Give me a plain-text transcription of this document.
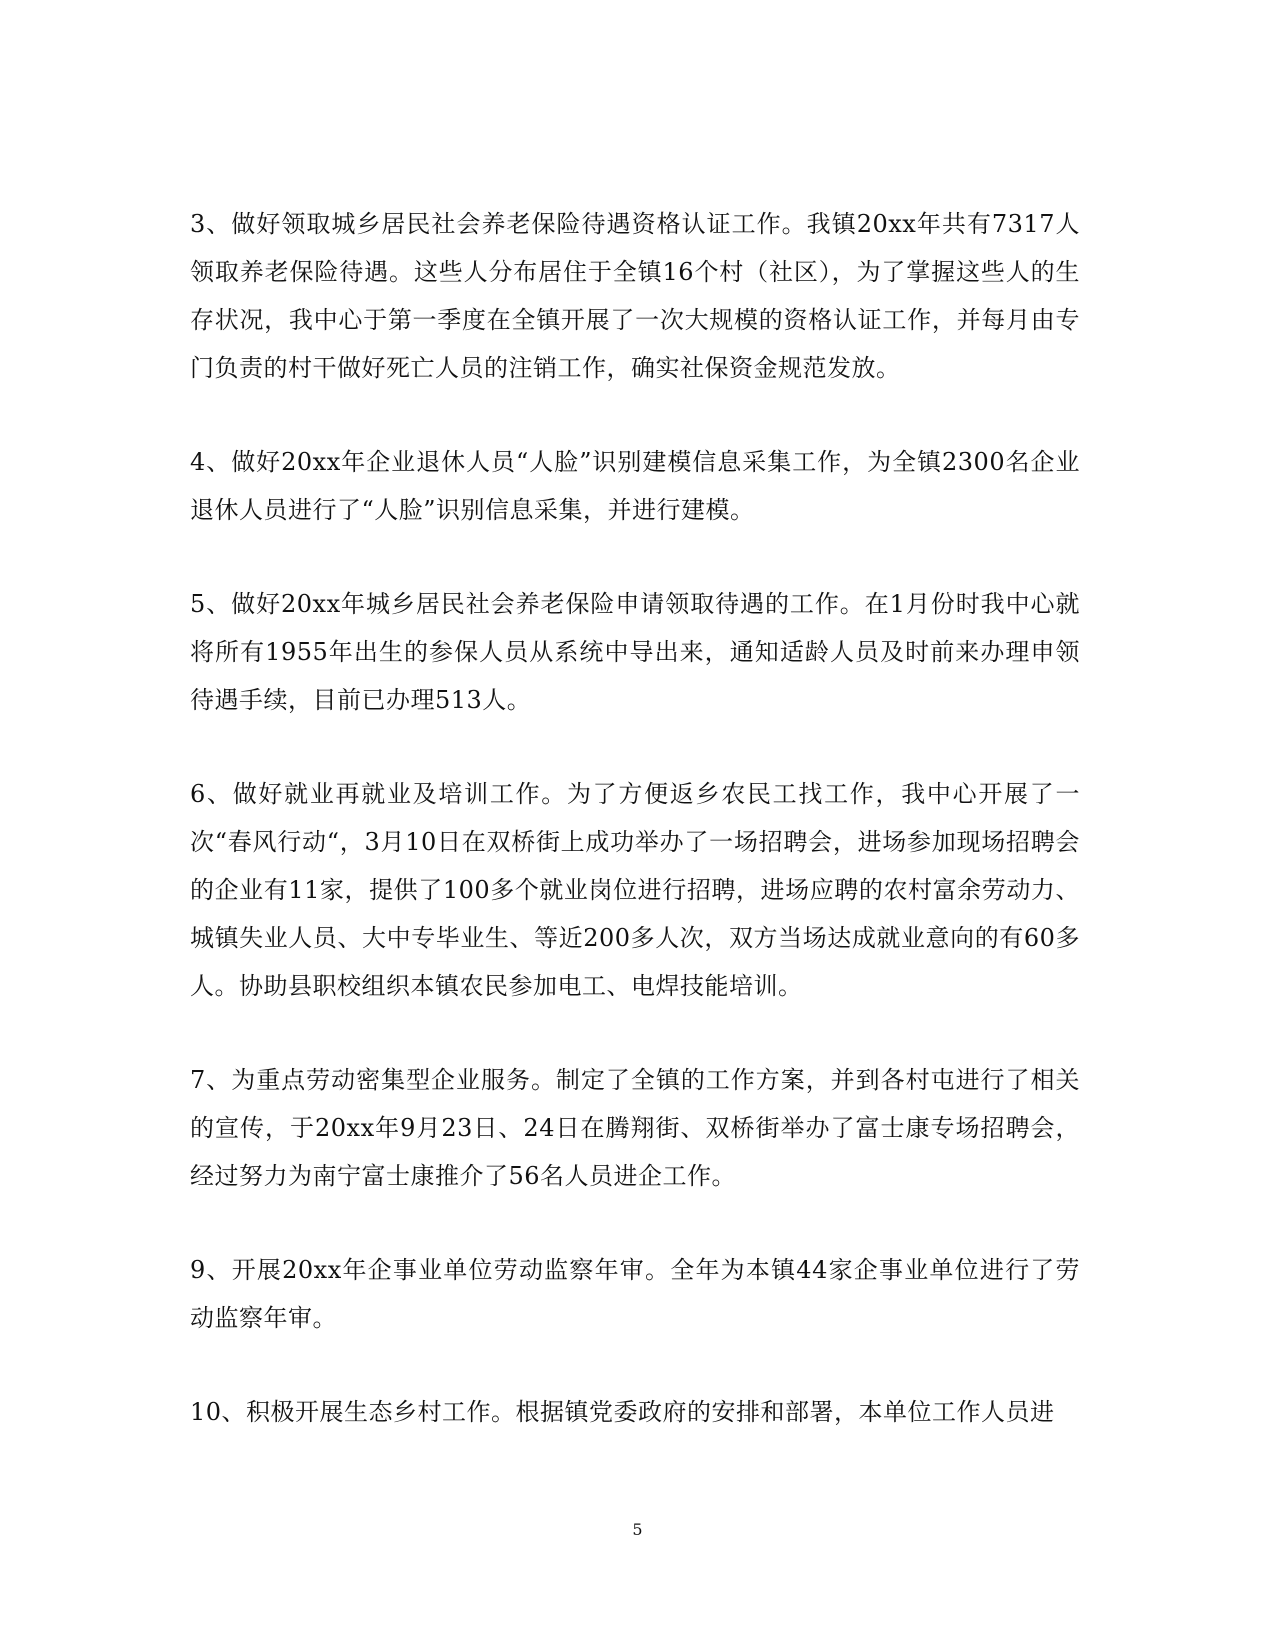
3、做好领取城乡居民社会养老保险待遇资格认证工作。我镇20xx年共有7317人领取养老保险待遇。这些人分布居住于全镇16个村（社区），为了掌握这些人的生存状况，我中心于第一季度在全镇开展了一次大规模的资格认证工作，并每月由专门负责的村干做好死亡人员的注销工作，确实社保资金规范发放。

4、做好20xx年企业退休人员“人脸”识别建模信息采集工作，为全镇2300名企业退休人员进行了“人脸”识别信息采集，并进行建模。

5、做好20xx年城乡居民社会养老保险申请领取待遇的工作。在1月份时我中心就将所有1955年出生的参保人员从系统中导出来，通知适龄人员及时前来办理申领待遇手续，目前已办理513人。

6、做好就业再就业及培训工作。为了方便返乡农民工找工作，我中心开展了一次“春风行动“，3月10日在双桥街上成功举办了一场招聘会，进场参加现场招聘会的企业有11家，提供了100多个就业岗位进行招聘，进场应聘的农村富余劳动力、城镇失业人员、大中专毕业生、等近200多人次，双方当场达成就业意向的有60多人。协助县职校组织本镇农民参加电工、电焊技能培训。

7、为重点劳动密集型企业服务。制定了全镇的工作方案，并到各村屯进行了相关的宣传，于20xx年9月23日、24日在腾翔街、双桥街举办了富士康专场招聘会，经过努力为南宁富士康推介了56名人员进企工作。

9、开展20xx年企事业单位劳动监察年审。全年为本镇44家企事业单位进行了劳动监察年审。

10、积极开展生态乡村工作。根据镇党委政府的安排和部署，本单位工作人员进

5
